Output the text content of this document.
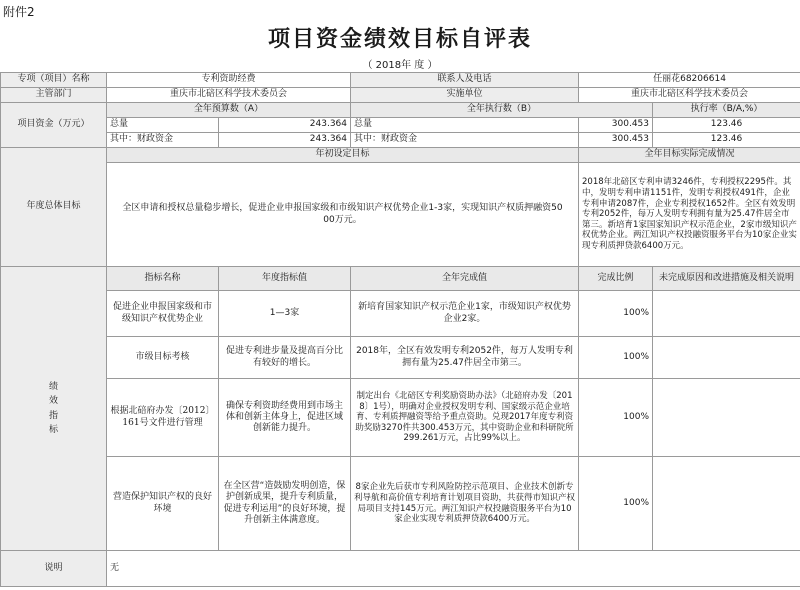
附件2
项目资金绩效目标自评表
（ 2018年 度 ）
专项（项目）名称	专利资助经费		联系人及电话	任丽花68206614	
主管部门	重庆市北碚区科学技术委员会		实施单位	重庆市北碚区科学技术委员会	
项目资金（万元）	全年预算数（A）		全年执行数（B）		执行率（B/A,%）
	总量	243.364	总量	300.453	123.46
	其中：财政资金	243.364	其中：财政资金	300.453	123.46
年度总体目标	年初设定目标			全年目标实际完成情况	
	全区申请和授权总量稳步增长，促进企业申报国家级和市级知识产权优势企业1-3家，实现知识产权质押融资5000万元。			2018年北碚区专利申请3246件，专利授权2295件。其中，发明专利申请1151件，发明专利授权491件，企业专利申请2087件，企业专利授权1652件。全区有效发明专利2052件，每万人发明专利拥有量为25.47件居全市第三。新培育1家国家知识产权示范企业，2家市级知识产权优势企业。两江知识产权投融资服务平台为10家企业实现专利质押贷款6400万元。	
绩效指标	指标名称	年度指标值	全年完成值	完成比例	未完成原因和改进措施及相关说明
	促进企业申报国家级和市级知识产权优势企业	1—3家	新培育国家知识产权示范企业1家，市级知识产权优势企业2家。	100%	
	市级目标考核	促进专利进步量及提高百分比有较好的增长。	2018年，全区有效发明专利2052件，每万人发明专利拥有量为25.47件居全市第三。	100%	
	根据北碚府办发〔2012〕161号文件进行管理	确保专利资助经费用到市场主体和创新主体身上，促进区域创新能力提升。	制定出台《北碚区专利奖励资助办法》（北碚府办发〔2018〕1号），明确对企业授权发明专利、国家级示范企业培育、专利质押融资等给予重点资助。兑现2017年度专利资助奖励3270件共300.453万元，其中资助企业和科研院所299.261万元，占比99%以上。	100%	
	营造保护知识产权的良好环境	在全区营“造鼓励发明创造，保护创新成果，提升专利质量，促进专利运用”的良好环境，提升创新主体满意度。	8家企业先后获市专利风险防控示范项目、企业技术创新专利导航和高价值专利培育计划项目资助，共获得市知识产权局项目支持145万元。两江知识产权投融资服务平台为10家企业实现专利质押贷款6400万元。	100%	
说明	无				
